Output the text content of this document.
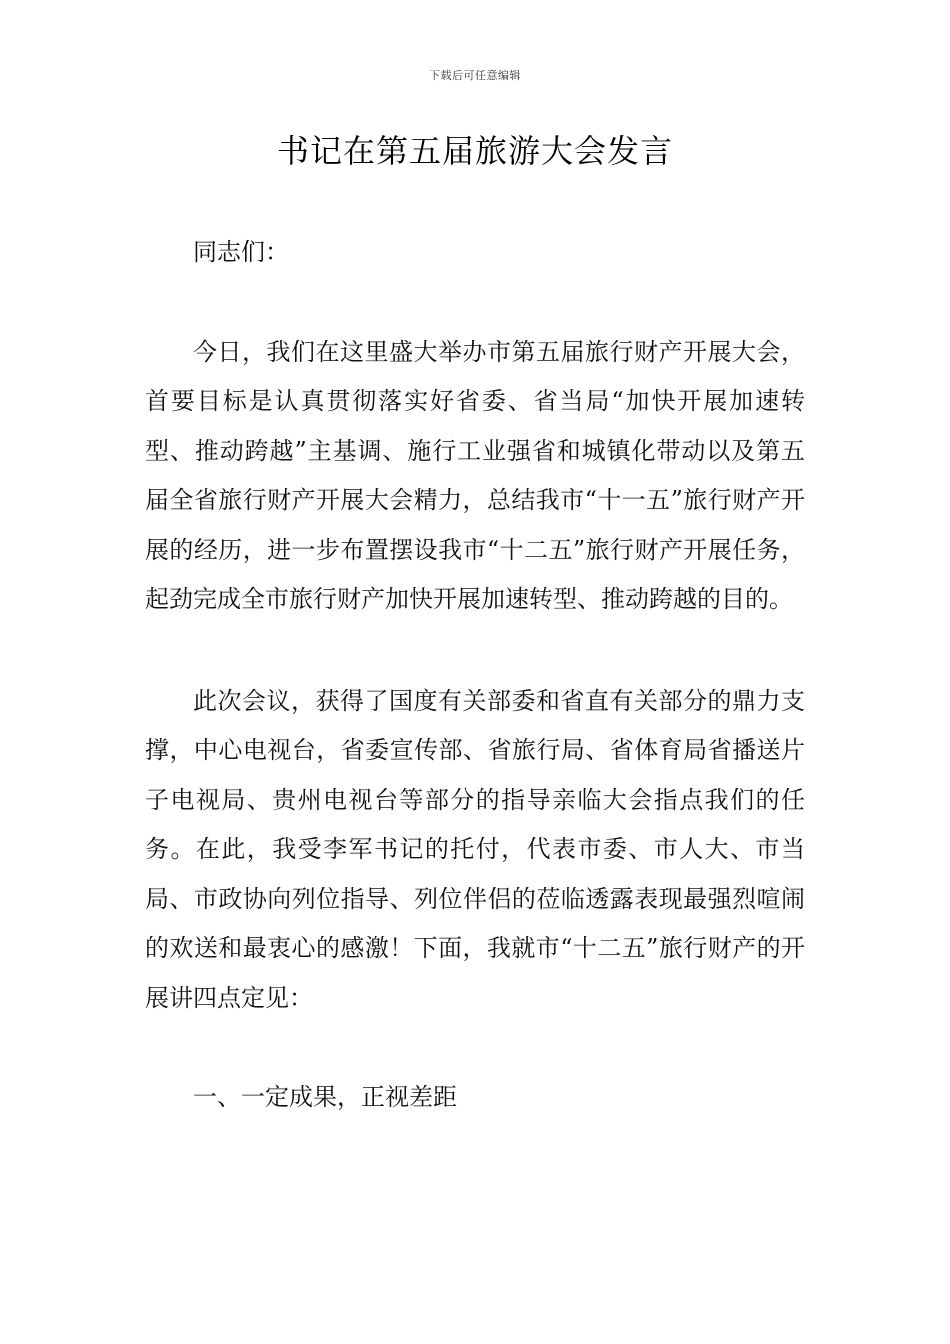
下载后可任意编辑
书记在第五届旅游大会发言

同志们：

今日，我们在这里盛大举办市第五届旅行财产开展大会，首要目标是认真贯彻落实好省委、省当局“加快开展加速转型、推动跨越”主基调、施行工业强省和城镇化带动以及第五届全省旅行财产开展大会精力，总结我市“十一五”旅行财产开展的经历，进一步布置摆设我市“十二五”旅行财产开展任务，起劲完成全市旅行财产加快开展加速转型、推动跨越的目的。

此次会议，获得了国度有关部委和省直有关部分的鼎力支撑，中心电视台，省委宣传部、省旅行局、省体育局省播送片子电视局、贵州电视台等部分的指导亲临大会指点我们的任务。在此，我受李军书记的托付，代表市委、市人大、市当局、市政协向列位指导、列位伴侣的莅临透露表现最强烈喧闹的欢送和最衷心的感激！下面，我就市“十二五”旅行财产的开展讲四点定见：

一、一定成果，正视差距
